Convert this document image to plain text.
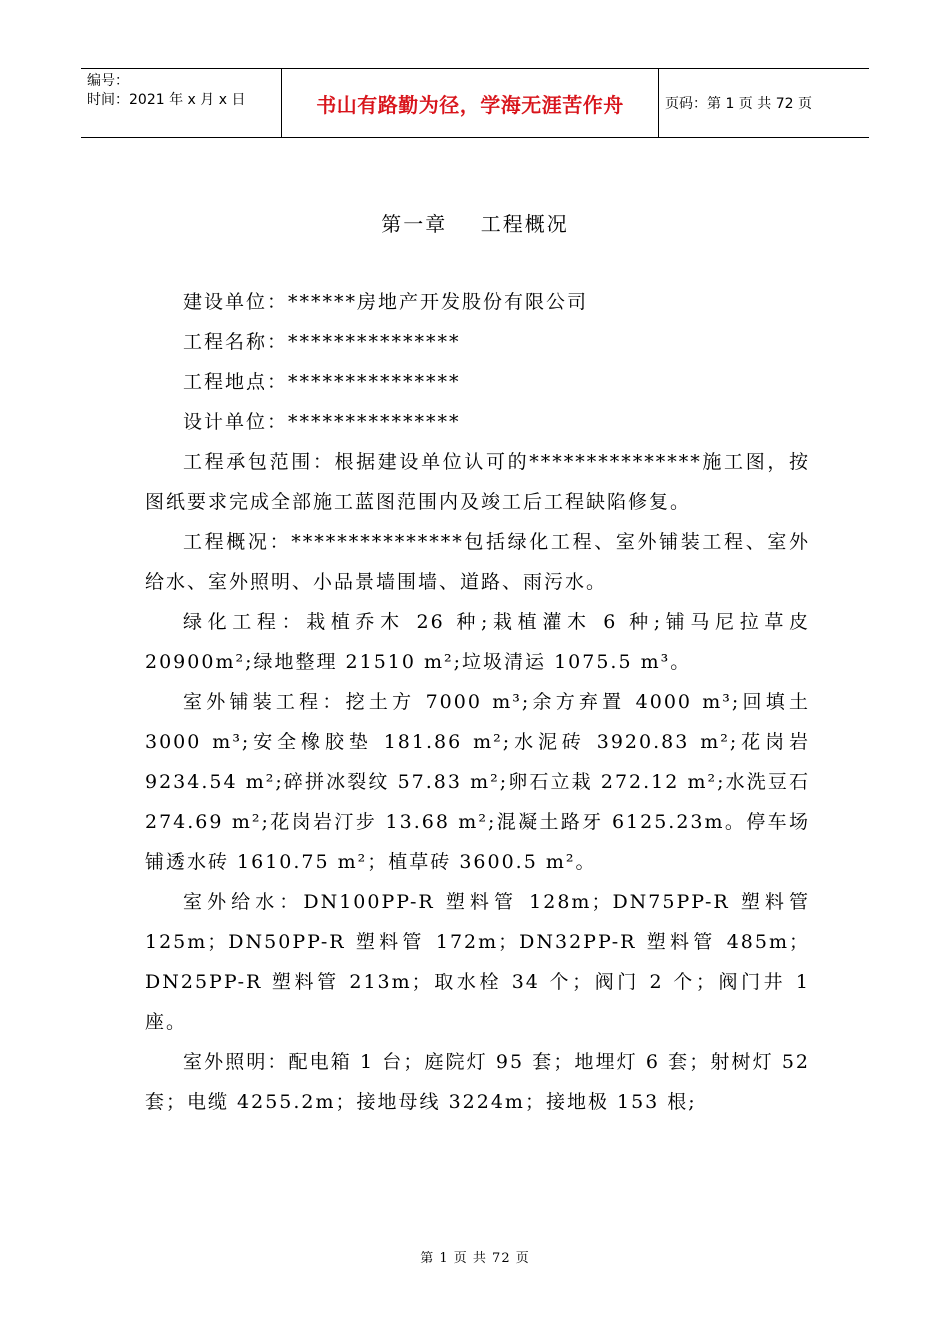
编号：
时间：2021 年 x 月 x 日	书山有路勤为径，学海无涯苦作舟	页码：第 1 页 共 72 页
第一章    工程概况

建设单位：******房地产开发股份有限公司

工程名称：***************

工程地点：***************

设计单位：***************

工程承包范围：根据建设单位认可的***************施工图，按图纸要求完成全部施工蓝图范围内及竣工后工程缺陷修复。

工程概况：***************包括绿化工程、室外铺装工程、室外给水、室外照明、小品景墙围墙、道路、雨污水。

绿化工程：栽植乔木 26 种;栽植灌木 6 种;铺马尼拉草皮 20900m²;绿地整理 21510 m²;垃圾清运 1075.5 m³。

室外铺装工程：挖土方 7000 m³;余方弃置 4000 m³;回填土 3000 m³;安全橡胶垫 181.86 m²;水泥砖 3920.83 m²;花岗岩 9234.54 m²;碎拼冰裂纹 57.83 m²;卵石立栽 272.12 m²;水洗豆石 274.69 m²;花岗岩汀步 13.68 m²;混凝土路牙 6125.23m。停车场铺透水砖 1610.75 m²；植草砖 3600.5 m²。

室外给水：DN100PP-R 塑料管 128m；DN75PP-R 塑料管 125m；DN50PP-R 塑料管 172m；DN32PP-R 塑料管 485m；DN25PP-R 塑料管 213m；取水栓 34 个；阀门 2 个；阀门井 1 座。

室外照明：配电箱 1 台；庭院灯 95 套；地埋灯 6 套；射树灯 52 套；电缆 4255.2m；接地母线 3224m；接地极 153 根;

第 1 页 共 72 页
